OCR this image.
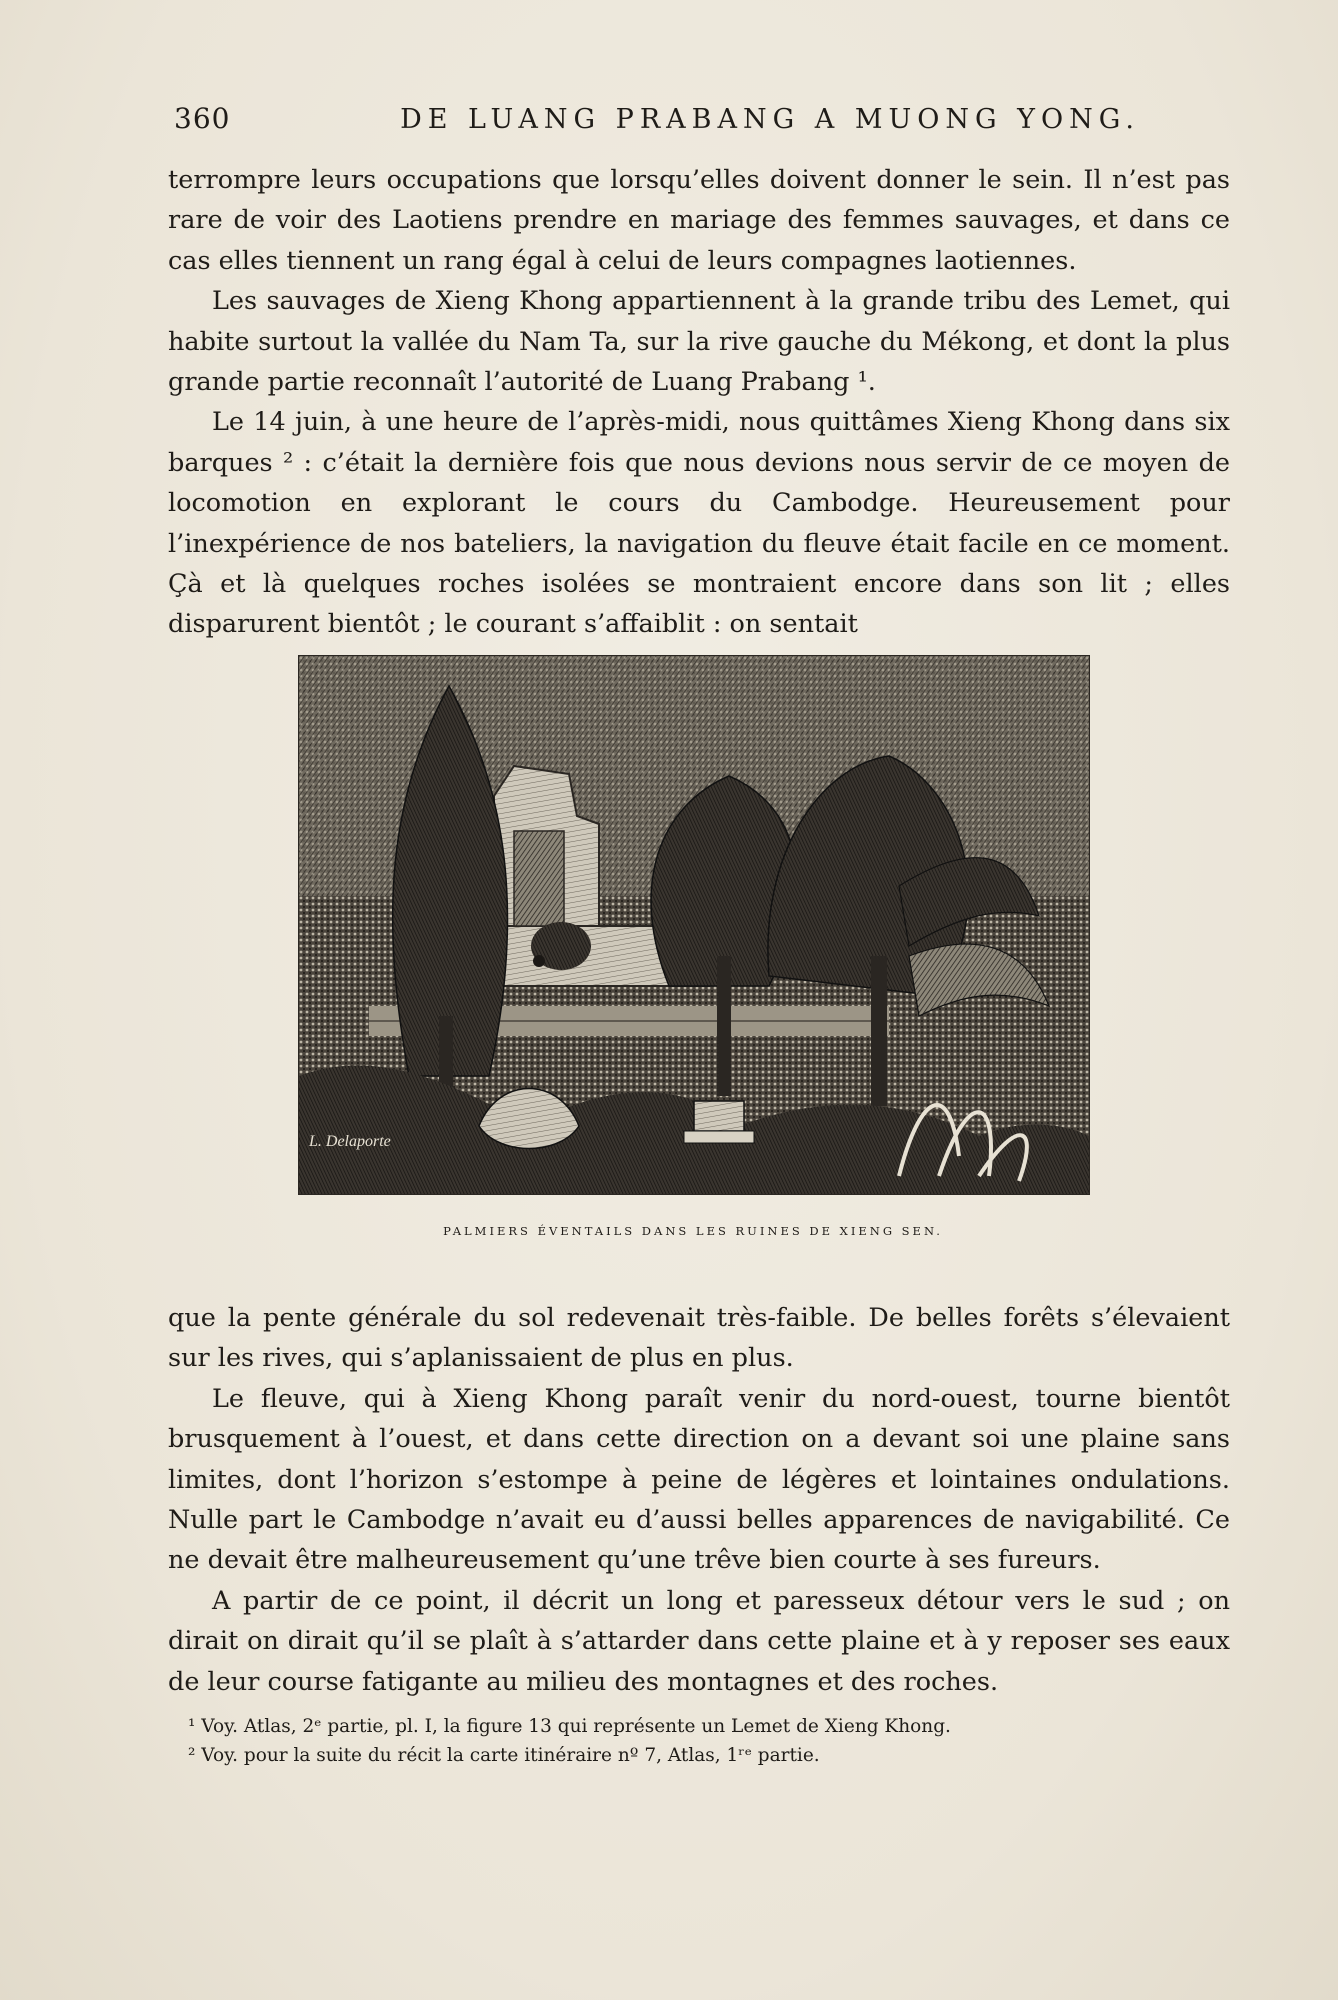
360	DE LUANG PRABANG A MUONG YONG.

terrompre leurs occupations que lorsqu’elles doivent donner le sein. Il n’est pas rare de voir des Laotiens prendre en mariage des femmes sauvages, et dans ce cas elles tiennent un rang égal à celui de leurs compagnes laotiennes.

Les sauvages de Xieng Khong appartiennent à la grande tribu des Lemet, qui habite surtout la vallée du Nam Ta, sur la rive gauche du Mékong, et dont la plus grande partie reconnaît l’autorité de Luang Prabang ¹.

Le 14 juin, à une heure de l’après-midi, nous quittâmes Xieng Khong dans six barques ² : c’était la dernière fois que nous devions nous servir de ce moyen de locomotion en explorant le cours du Cambodge. Heureusement pour l’inexpérience de nos bateliers, la navigation du fleuve était facile en ce moment. Çà et là quelques roches isolées se montraient encore dans son lit ; elles disparurent bientôt ; le courant s’affaiblit : on sentait

L. Delaporte
PALMIERS ÉVENTAILS DANS LES RUINES DE XIENG SEN.

que la pente générale du sol redevenait très-faible. De belles forêts s’élevaient sur les rives, qui s’aplanissaient de plus en plus.

Le fleuve, qui à Xieng Khong paraît venir du nord-ouest, tourne bientôt brusquement à l’ouest, et dans cette direction on a devant soi une plaine sans limites, dont l’horizon s’estompe à peine de légères et lointaines ondulations. Nulle part le Cambodge n’avait eu d’aussi belles apparences de navigabilité. Ce ne devait être malheureusement qu’une trêve bien courte à ses fureurs.

A partir de ce point, il décrit un long et paresseux détour vers le sud ; on dirait on dirait qu’il se plaît à s’attarder dans cette plaine et à y reposer ses eaux de leur course fatigante au milieu des montagnes et des roches.

¹ Voy. Atlas, 2ᵉ partie, pl. I, la figure 13 qui représente un Lemet de Xieng Khong.

² Voy. pour la suite du récit la carte itinéraire nº 7, Atlas, 1ʳᵉ partie.
